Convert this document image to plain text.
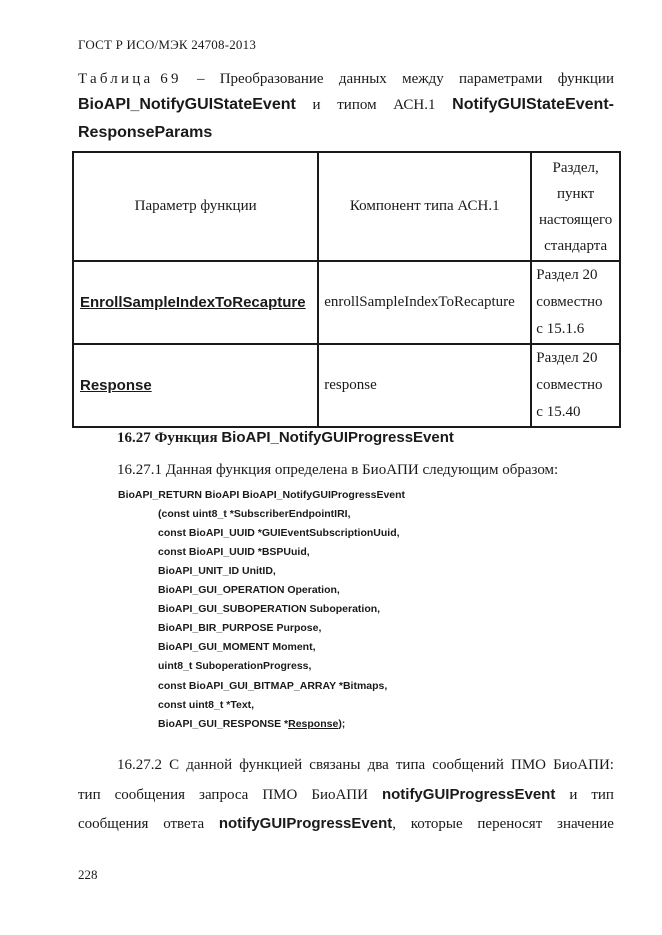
ГОСТ Р ИСО/МЭК 24708-2013
Таблица 69 – Преобразование данных между параметрами функции
BioAPI_NotifyGUIStateEvent и типом АСН.1 NotifyGUIStateEvent-
ResponseParams
Параметр функции	Компонент типа АСН.1	Раздел,
пункт
настоящего
стандарта

EnrollSampleIndexToRecapture	enrollSampleIndexToRecapture	Раздел 20
совместно
с 15.1.6

Response	response	Раздел 20
совместно
с 15.40
16.27 Функция BioAPI_NotifyGUIProgressEvent
16.27.1 Данная функция определена в БиоАПИ следующим образом:
BioAPI_RETURN BioAPI BioAPI_NotifyGUIProgressEvent
(const uint8_t *SubscriberEndpointIRI,
const BioAPI_UUID *GUIEventSubscriptionUuid,
const BioAPI_UUID *BSPUuid,
BioAPI_UNIT_ID UnitID,
BioAPI_GUI_OPERATION Operation,
BioAPI_GUI_SUBOPERATION Suboperation,
BioAPI_BIR_PURPOSE Purpose,
BioAPI_GUI_MOMENT Moment,
uint8_t SuboperationProgress,
const BioAPI_GUI_BITMAP_ARRAY *Bitmaps,
const uint8_t *Text,
BioAPI_GUI_RESPONSE *Response);
16.27.2 С данной функцией связаны два типа сообщений ПМО БиоАПИ:
тип сообщения запроса ПМО БиоАПИ notifyGUIProgressEvent и тип
сообщения ответа notifyGUIProgressEvent, которые переносят значение
228
